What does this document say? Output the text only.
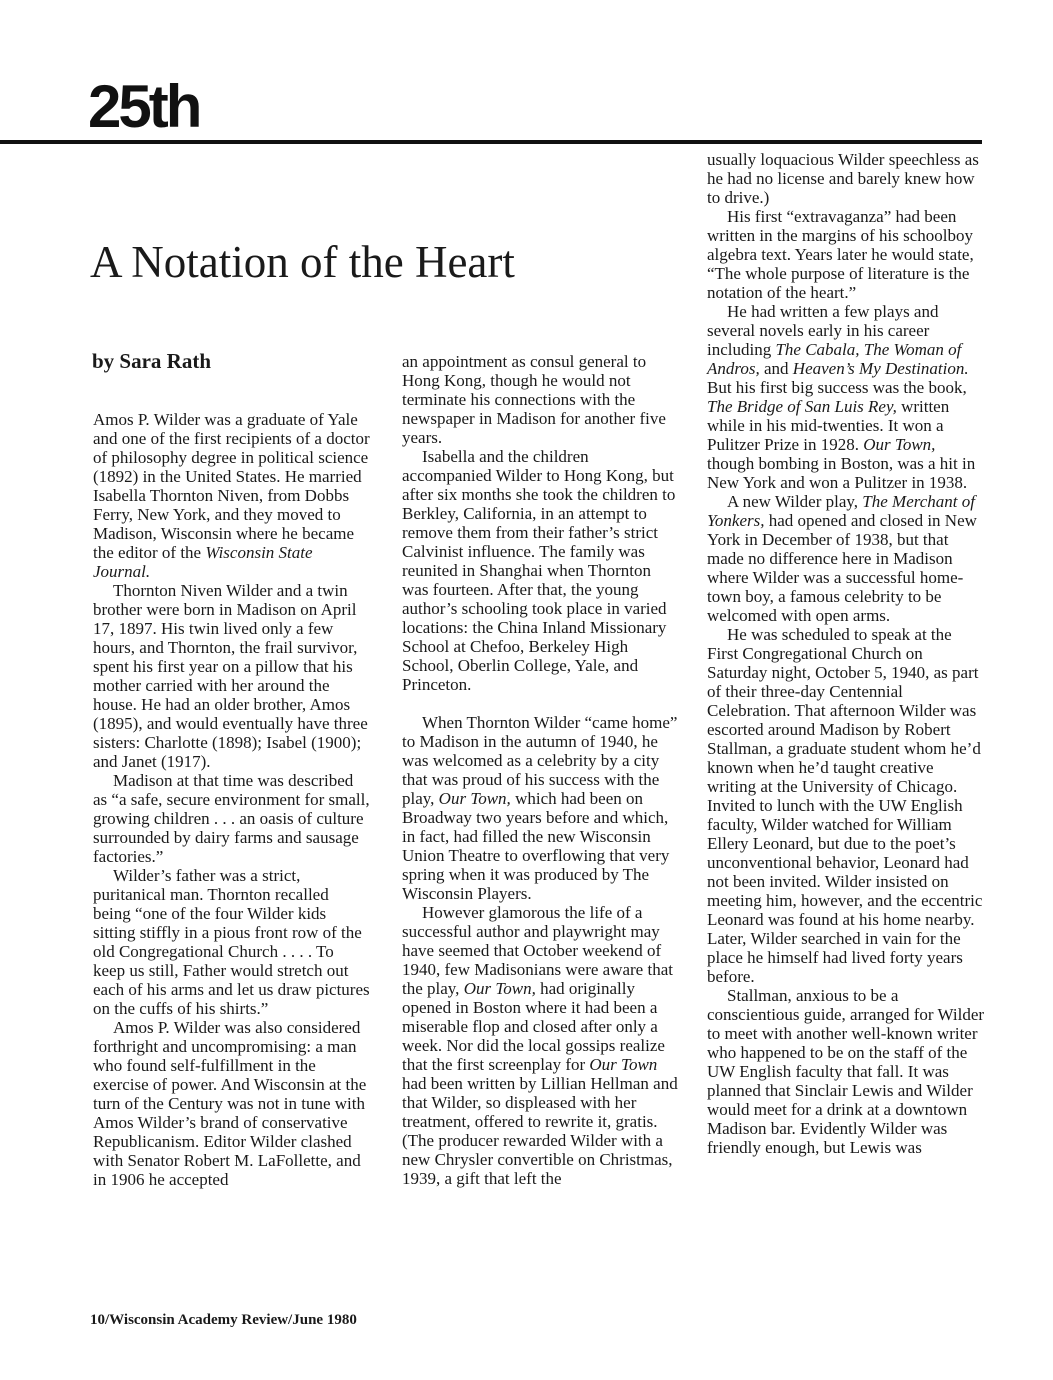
25th
A Notation of the Heart

by Sara Rath

Amos P. Wilder was a graduate of Yale and one of the first recipients of a doctor of philosophy degree in political science (1892) in the United States. He married Isabella Thornton Niven, from Dobbs Ferry, New York, and they moved to Madison, Wisconsin where he became the editor of the Wisconsin State Journal.

Thornton Niven Wilder and a twin brother were born in Madison on April 17, 1897. His twin lived only a few hours, and Thornton, the frail survivor, spent his first year on a pillow that his mother carried with her around the house. He had an older brother, Amos (1895), and would eventually have three sisters: Charlotte (1898); Isabel (1900); and Janet (1917).

Madison at that time was described as “a safe, secure environment for small, growing children . . . an oasis of culture surrounded by dairy farms and sausage factories.”

Wilder’s father was a strict, puritanical man. Thornton recalled being “one of the four Wilder kids sitting stiffly in a pious front row of the old Congregational Church . . . . To keep us still, Father would stretch out each of his arms and let us draw pictures on the cuffs of his shirts.”

Amos P. Wilder was also considered forthright and uncompromising: a man who found self-fulfillment in the exercise of power. And Wisconsin at the turn of the Century was not in tune with Amos Wilder’s brand of conservative Republicanism. Editor Wilder clashed with Senator Robert M. LaFollette, and in 1906 he accepted

an appointment as consul general to Hong Kong, though he would not terminate his connections with the newspaper in Madison for another five years.

Isabella and the children accompanied Wilder to Hong Kong, but after six months she took the children to Berkley, California, in an attempt to remove them from their father’s strict Calvinist influence. The family was reunited in Shanghai when Thornton was fourteen. After that, the young author’s schooling took place in varied locations: the China Inland Missionary School at Chefoo, Berkeley High School, Oberlin College, Yale, and Princeton.

When Thornton Wilder “came home” to Madison in the autumn of 1940, he was welcomed as a celebrity by a city that was proud of his success with the play, Our Town, which had been on Broadway two years before and which, in fact, had filled the new Wisconsin Union Theatre to overflowing that very spring when it was produced by The Wisconsin Players.

However glamorous the life of a successful author and playwright may have seemed that October weekend of 1940, few Madisonians were aware that the play, Our Town, had originally opened in Boston where it had been a miserable flop and closed after only a week. Nor did the local gossips realize that the first screenplay for Our Town had been written by Lillian Hellman and that Wilder, so displeased with her treatment, offered to rewrite it, gratis. (The producer rewarded Wilder with a new Chrysler convertible on Christmas, 1939, a gift that left the

usually loquacious Wilder speechless as he had no license and barely knew how to drive.)

His first “extravaganza” had been written in the margins of his schoolboy algebra text. Years later he would state, “The whole purpose of literature is the notation of the heart.”

He had written a few plays and several novels early in his career including The Cabala, The Woman of Andros, and Heaven’s My Destination. But his first big success was the book, The Bridge of San Luis Rey, written while in his mid-twenties. It won a Pulitzer Prize in 1928. Our Town, though bombing in Boston, was a hit in New York and won a Pulitzer in 1938.

A new Wilder play, The Merchant of Yonkers, had opened and closed in New York in December of 1938, but that made no difference here in Madison where Wilder was a successful home-town boy, a famous celebrity to be welcomed with open arms.

He was scheduled to speak at the First Congregational Church on Saturday night, October 5, 1940, as part of their three-day Centennial Celebration. That afternoon Wilder was escorted around Madison by Robert Stallman, a graduate student whom he’d known when he’d taught creative writing at the University of Chicago. Invited to lunch with the UW English faculty, Wilder watched for William Ellery Leonard, but due to the poet’s unconventional behavior, Leonard had not been invited. Wilder insisted on meeting him, however, and the eccentric Leonard was found at his home nearby. Later, Wilder searched in vain for the place he himself had lived forty years before.

Stallman, anxious to be a conscientious guide, arranged for Wilder to meet with another well-known writer who happened to be on the staff of the UW English faculty that fall. It was planned that Sinclair Lewis and Wilder would meet for a drink at a downtown Madison bar. Evidently Wilder was friendly enough, but Lewis was

10/Wisconsin Academy Review/June 1980
